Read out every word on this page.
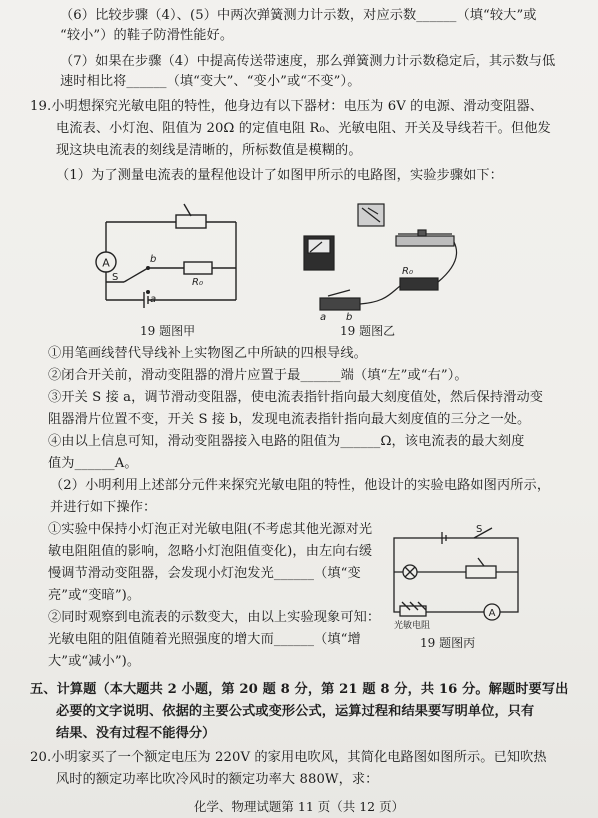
（6）比较步骤（4）、(5）中两次弹簧测力计示数，对应示数______（填“较大”或
“较小”）的鞋子防滑性能好。
（7）如果在步骤（4）中提高传送带速度，那么弹簧测力计示数稳定后，其示数与低
速时相比将______（填“变大”、“变小”或“不变”）。
19.小明想探究光敏电阻的特性，他身边有以下器材：电压为 6V 的电源、滑动变阻器、
电流表、小灯泡、阻值为 20Ω 的定值电阻 R₀、光敏电阻、开关及导线若干。但他发
现这块电流表的刻线是清晰的，所标数值是模糊的。
（1）为了测量电流表的量程他设计了如图甲所示的电路图，实验步骤如下：
A
S
b
a
R₀
19 题图甲
R₀
a b
19 题图乙
①用笔画线替代导线补上实物图乙中所缺的四根导线。
②闭合开关前，滑动变阻器的滑片应置于最______端（填“左”或“右”）。
③开关 S 接 a，调节滑动变阻器，使电流表指针指向最大刻度值处，然后保持滑动变
阻器滑片位置不变，开关 S 接 b，发现电流表指针指向最大刻度值的三分之一处。
④由以上信息可知，滑动变阻器接入电路的阻值为______Ω，该电流表的最大刻度
值为______A。
（2）小明利用上述部分元件来探究光敏电阻的特性，他设计的实验电路如图丙所示，
并进行如下操作：
①实验中保持小灯泡正对光敏电阻(不考虑其他光源对光
敏电阻阻值的影响，忽略小灯泡阻值变化)，由左向右缓
慢调节滑动变阻器，会发现小灯泡发光______（填“变
亮”或“变暗”)。
②同时观察到电流表的示数变大，由以上实验现象可知：
光敏电阻的阻值随着光照强度的增大而______（填“增
大”或“减小”)。
S
A
光敏电阻
19 题图丙
五、计算题（本大题共 2 小题，第 20 题 8 分，第 21 题 8 分，共 16 分。解题时要写出
必要的文字说明、依据的主要公式或变形公式，运算过程和结果要写明单位，只有
结果、没有过程不能得分）
20.小明家买了一个额定电压为 220V 的家用电吹风，其简化电路图如图所示。已知吹热
风时的额定功率比吹冷风时的额定功率大 880W，求：
化学、物理试题第 11 页（共 12 页）
